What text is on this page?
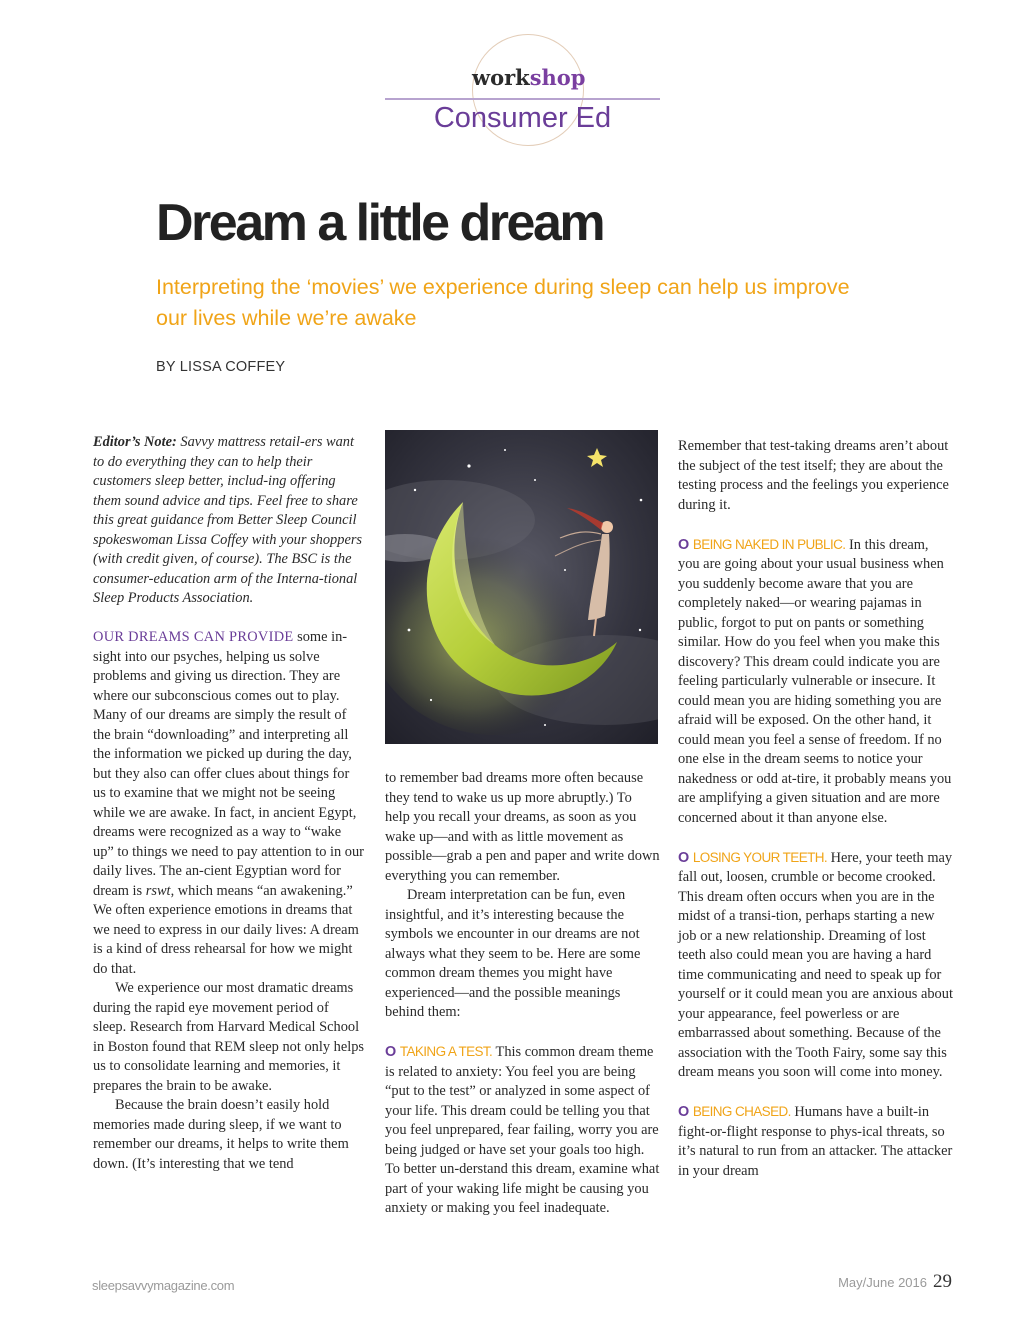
workshop
Consumer Ed
Dream a little dream
Interpreting the ‘movies’ we experience during sleep can help us improve our lives while we’re awake
BY LISSA COFFEY

Editor’s Note: Savvy mattress retail-ers want to do everything they can to help their customers sleep better, includ-ing offering them sound advice and tips. Feel free to share this great guidance from Better Sleep Council spokeswoman Lissa Coffey with your shoppers (with credit given, of course). The BSC is the consumer-education arm of the Interna-tional Sleep Products Association.

OUR DREAMS CAN PROVIDE some in-sight into our psyches, helping us solve problems and giving us direction. They are where our subconscious comes out to play. Many of our dreams are simply the result of the brain “downloading” and interpreting all the information we picked up during the day, but they also can offer clues about things for us to examine that we might not be seeing while we are awake. In fact, in ancient Egypt, dreams were recognized as a way to “wake up” to things we need to pay attention to in our daily lives. The an-cient Egyptian word for dream is rswt, which means “an awakening.” We often experience emotions in dreams that we need to express in our daily lives: A dream is a kind of dress rehearsal for how we might do that.

We experience our most dramatic dreams during the rapid eye movement period of sleep. Research from Harvard Medical School in Boston found that REM sleep not only helps us to consolidate learning and memories, it prepares the brain to be awake.

Because the brain doesn’t easily hold memories made during sleep, if we want to remember our dreams, it helps to write them down. (It’s interesting that we tend

to remember bad dreams more often because they tend to wake us up more abruptly.) To help you recall your dreams, as soon as you wake up—and with as little movement as possible—grab a pen and paper and write down everything you can remember.

Dream interpretation can be fun, even insightful, and it’s interesting because the symbols we encounter in our dreams are not always what they seem to be. Here are some common dream themes you might have experienced—and the possible meanings behind them:

O TAKING A TEST. This common dream theme is related to anxiety: You feel you are being “put to the test” or analyzed in some aspect of your life. This dream could be telling you that you feel unprepared, fear failing, worry you are being judged or have set your goals too high. To better un-derstand this dream, examine what part of your waking life might be causing you anxiety or making you feel inadequate.

Remember that test-taking dreams aren’t about the subject of the test itself; they are about the testing process and the feelings you experience during it.

O BEING NAKED IN PUBLIC. In this dream, you are going about your usual business when you suddenly become aware that you are completely naked—or wearing pajamas in public, forgot to put on pants or something similar. How do you feel when you make this discovery? This dream could indicate you are feeling particularly vulnerable or insecure. It could mean you are hiding something you are afraid will be exposed. On the other hand, it could mean you feel a sense of freedom. If no one else in the dream seems to notice your nakedness or odd at-tire, it probably means you are amplifying a given situation and are more concerned about it than anyone else.

O LOSING YOUR TEETH. Here, your teeth may fall out, loosen, crumble or become crooked. This dream often occurs when you are in the midst of a transi-tion, perhaps starting a new job or a new relationship. Dreaming of lost teeth also could mean you are having a hard time communicating and need to speak up for yourself or it could mean you are anxious about your appearance, feel powerless or are embarrassed about something. Because of the association with the Tooth Fairy, some say this dream means you soon will come into money.

O BEING CHASED. Humans have a built-in fight-or-flight response to phys-ical threats, so it’s natural to run from an attacker. The attacker in your dream

sleepsavvymagazine.com	May/June 2016 29
